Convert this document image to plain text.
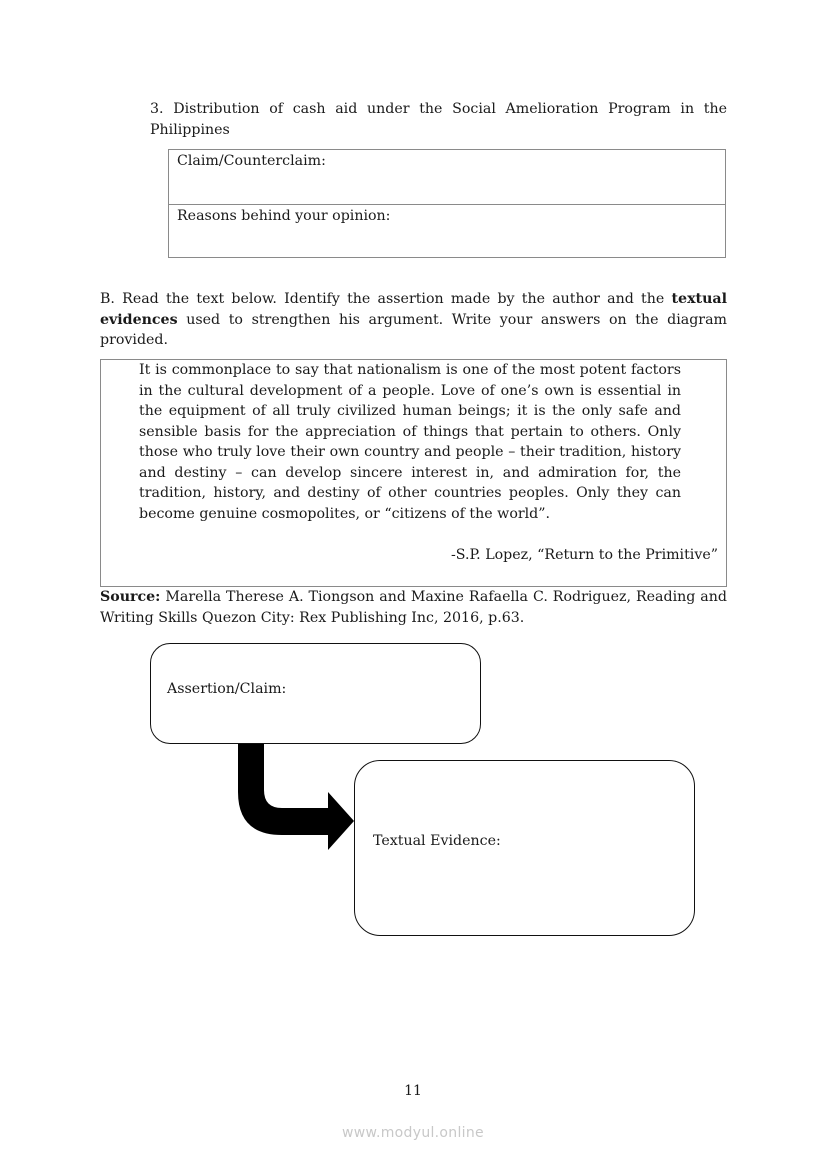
3. Distribution of cash aid under the Social Amelioration Program in the Philippines
Claim/Counterclaim:
Reasons behind your opinion:
B. Read the text below. Identify the assertion made by the author and the textual evidences used to strengthen his argument. Write your answers on the diagram provided.
It is commonplace to say that nationalism is one of the most potent factors in the cultural development of a people. Love of one’s own is essential in the equipment of all truly civilized human beings; it is the only safe and sensible basis for the appreciation of things that pertain to others. Only those who truly love their own country and people – their tradition, history and destiny – can develop sincere interest in, and admiration for, the tradition, history, and destiny of other countries peoples. Only they can become genuine cosmopolites, or “citizens of the world”.
-S.P. Lopez, “Return to the Primitive”
Source: Marella Therese A. Tiongson and Maxine Rafaella C. Rodriguez, Reading and Writing Skills Quezon City: Rex Publishing Inc, 2016, p.63.
Assertion/Claim:
Textual Evidence:
11
www.modyul.online
